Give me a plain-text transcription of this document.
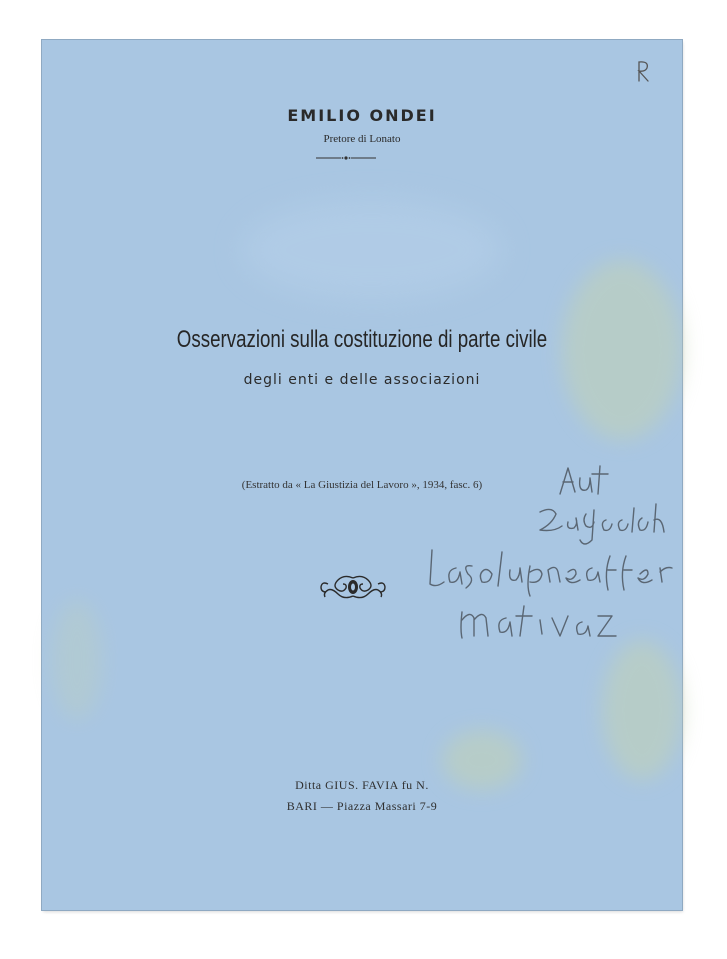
EMILIO ONDEI
Pretore di Lonato
Osservazioni sulla costituzione di parte civile
degli enti e delle associazioni
(Estratto da « La Giustizia del Lavoro », 1934, fasc. 6)
Ditta GIUS. FAVIA fu N.
BARI — Piazza Massari 7-9
